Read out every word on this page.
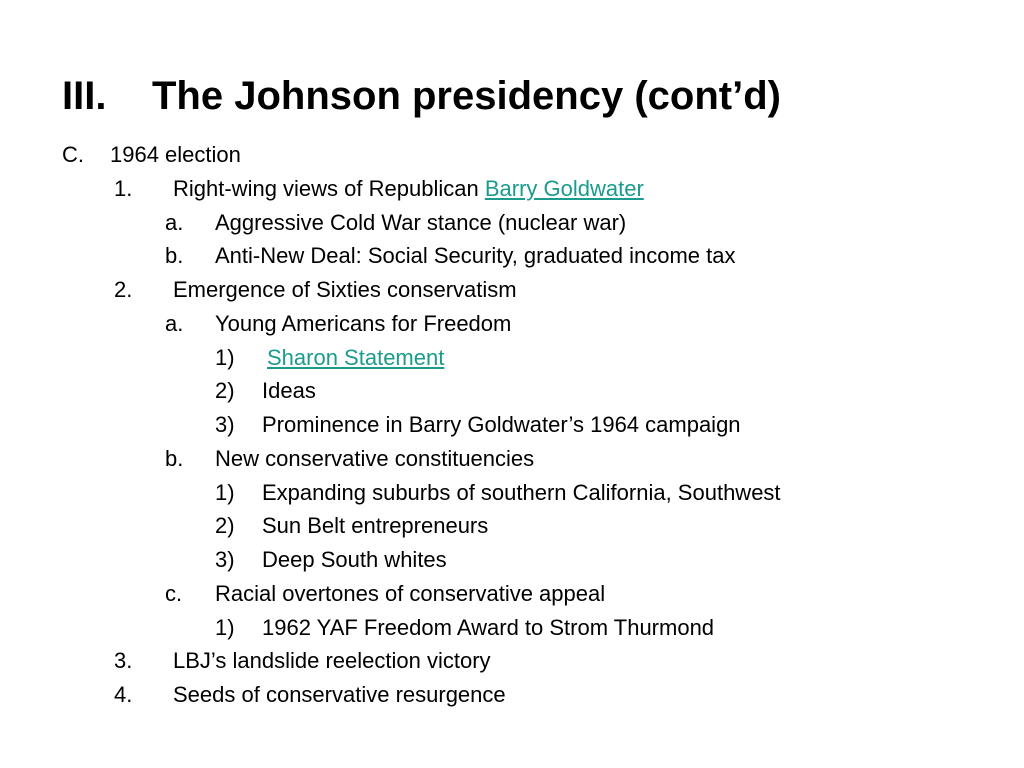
III. The Johnson presidency (cont’d)
C. 1964 election
1. Right-wing views of Republican Barry Goldwater
a. Aggressive Cold War stance (nuclear war)
b. Anti-New Deal: Social Security, graduated income tax
2. Emergence of Sixties conservatism
a. Young Americans for Freedom
1) Sharon Statement
2) Ideas
3) Prominence in Barry Goldwater’s 1964 campaign
b. New conservative constituencies
1) Expanding suburbs of southern California, Southwest
2) Sun Belt entrepreneurs
3) Deep South whites
c. Racial overtones of conservative appeal
1) 1962 YAF Freedom Award to Strom Thurmond
3. LBJ’s landslide reelection victory
4. Seeds of conservative resurgence
